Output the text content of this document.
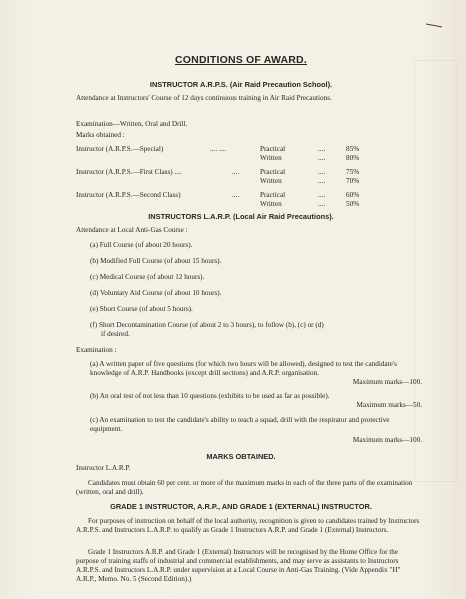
CONDITIONS OF AWARD.
INSTRUCTOR A.R.P.S. (Air Raid Precaution School).
Attendance at Instructors' Course of 12 days continuous training in Air Raid Precautions.
Examination—Written, Oral and Drill.
Marks obtained :
Instructor (A.R.P.S.—Special)	.... ....	Practical	....	85%
Written	....	80%
Instructor (A.R.P.S.—First Class) ....	....	Practical	....	75%
Written	....	70%
Instructor (A.R.P.S.—Second Class)	....	Practical	....	60%
Written	....	50%
INSTRUCTORS L.A.R.P. (Local Air Raid Precautions).
Attendance at Local Anti-Gas Course :
(a) Full Course (of about 20 hours).
(b) Modified Full Course (of about 15 hours).
(c) Medical Course (of about 12 hours).
(d) Voluntary Aid Course (of about 10 hours).
(e) Short Course (of about 5 hours).
(f) Short Decontamination Course (of about 2 to 3 hours), to follow (b), (c) or (d)
if desired.
Examination :
(a) A written paper of five questions (for which two hours will be allowed), designed to test the candidate's knowledge of A.R.P. Handbooks (except drill sections) and A.R.P. organisation.
Maximum marks—100.
(b) An oral test of not less than 10 questions (exhibits to be used as far as possible).
Maximum marks—50.
(c) An examination to test the candidate's ability to teach a squad, drill with the respirator and protective equipment.
Maximum marks—100.
MARKS OBTAINED.
Instructor L.A.R.P.
Candidates must obtain 60 per cent. or more of the maximum marks in each of the three parts of the examination (written, oral and drill).
GRADE 1 INSTRUCTOR, A.R.P., AND GRADE 1 (EXTERNAL) INSTRUCTOR.
For purposes of instruction on behalf of the local authority, recognition is given to candidates trained by Instructors A.R.P.S. and Instructors L.A.R.P. to qualify as Grade 1 Instructors A.R.P. and Grade 1 (External) Instructors.
Grade 1 Instructors A.R.P. and Grade 1 (External) Instructors will be recognised by the Home Office for the purpose of training staffs of industrial and commercial establishments, and may serve as assistants to Instructors A.R.P.S. and Instructors L.A.R.P. under supervision at a Local Course in Anti-Gas Training. (Vide Appendix "H" A.R.P., Memo. No. 5 (Second Edition).)
